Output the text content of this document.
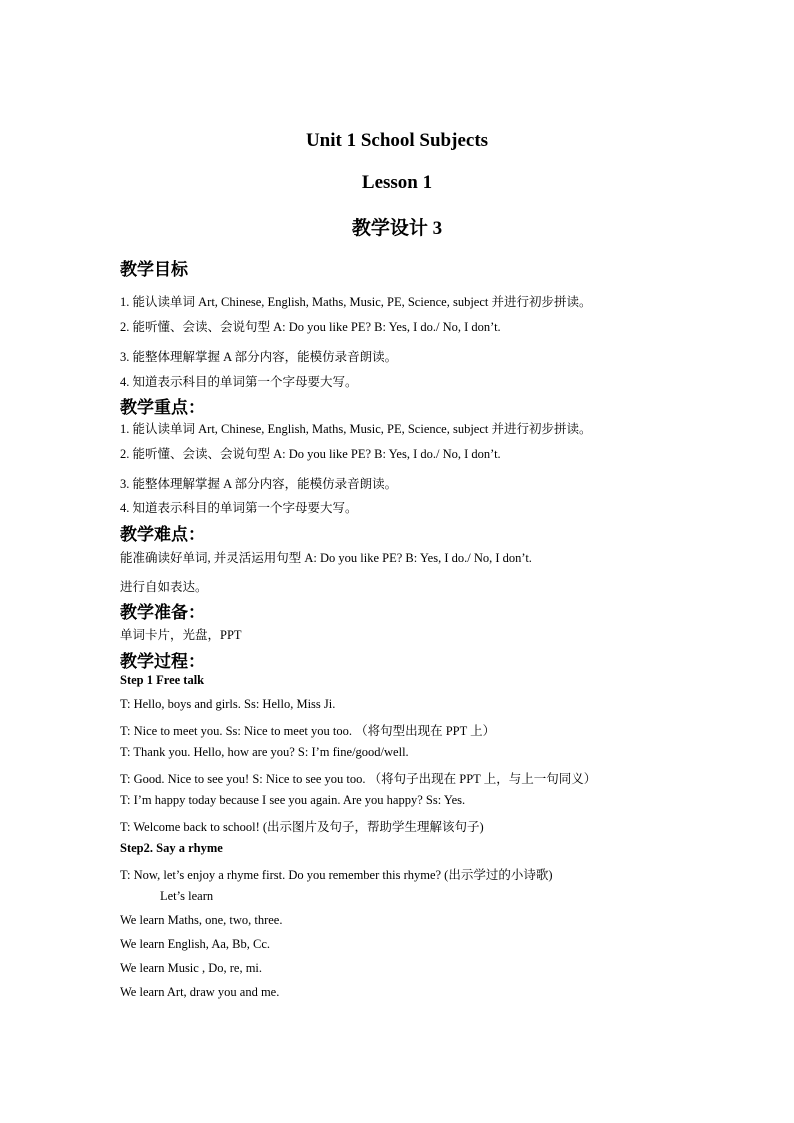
Unit 1 School Subjects
Lesson 1
教学设计 3
教学目标
1. 能认读单词 Art, Chinese, English, Maths, Music, PE, Science, subject 并进行初步拼读。
2. 能听懂、会读、会说句型 A: Do you like PE? B: Yes, I do./ No, I don’t.
3. 能整体理解掌握 A 部分内容，能模仿录音朗读。
4. 知道表示科目的单词第一个字母要大写。
教学重点：
1. 能认读单词 Art, Chinese, English, Maths, Music, PE, Science, subject 并进行初步拼读。
2. 能听懂、会读、会说句型 A: Do you like PE? B: Yes, I do./ No, I don’t.
3. 能整体理解掌握 A 部分内容，能模仿录音朗读。
4. 知道表示科目的单词第一个字母要大写。
教学难点：
能准确读好单词, 并灵活运用句型 A: Do you like PE? B: Yes, I do./ No, I don’t.
进行自如表达。
教学准备：
单词卡片，光盘，PPT
教学过程：
Step 1 Free talk
T: Hello, boys and girls. Ss: Hello, Miss Ji.
T: Nice to meet you. Ss: Nice to meet you too. （将句型出现在 PPT 上）
T: Thank you. Hello, how are you? S: I’m fine/good/well.
T: Good. Nice to see you! S: Nice to see you too. （将句子出现在 PPT 上，与上一句同义）
T: I’m happy today because I see you again. Are you happy? Ss: Yes.
T: Welcome back to school! (出示图片及句子，帮助学生理解该句子)
Step2. Say a rhyme
T: Now, let’s enjoy a rhyme first. Do you remember this rhyme? (出示学过的小诗歌)
Let’s learn
We learn Maths, one, two, three.
We learn English, Aa, Bb, Cc.
We learn Music , Do, re, mi.
We learn Art, draw you and me.
